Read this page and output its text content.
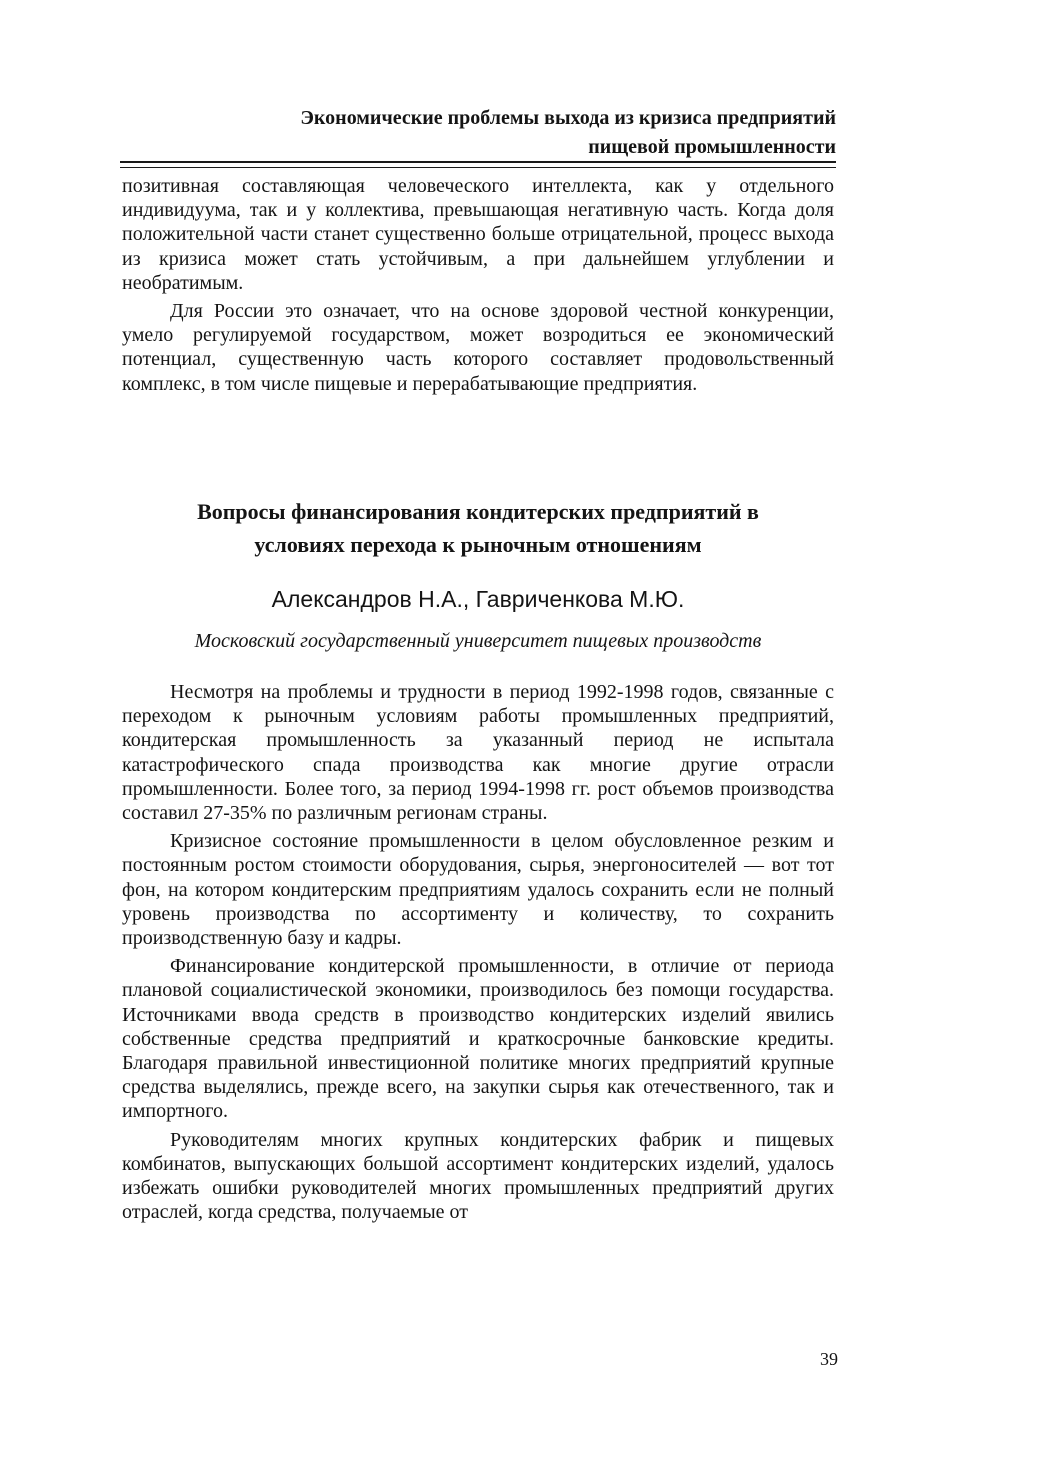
Экономические проблемы выхода из кризиса предприятий
пищевой промышленности

позитивная составляющая человеческого интеллекта, как у отдельного индивидуума, так и у коллектива, превышающая негативную часть. Когда доля положительной части станет существенно больше отрицательной, процесс выхода из кризиса может стать устойчивым, а при дальнейшем углублении и необратимым.

Для России это означает, что на основе здоровой честной конкуренции, умело регулируемой государством, может возродиться ее экономический потенциал, существенную часть которого составляет продовольственный комплекс, в том числе пищевые и перерабатывающие предприятия.

Вопросы финансирования кондитерских предприятий в
условиях перехода к рыночным отношениям
Александров Н.А., Гавриченкова М.Ю.
Московский государственный университет пищевых производств

Несмотря на проблемы и трудности в период 1992-1998 годов, связанные с переходом к рыночным условиям работы промышленных предприятий, кондитерская промышленность за указанный период не испытала катастрофического спада производства как многие другие отрасли промышленности. Более того, за период 1994-1998 гг. рост объемов производства составил 27-35% по различным регионам страны.

Кризисное состояние промышленности в целом обусловленное резким и постоянным ростом стоимости оборудования, сырья, энергоносителей — вот тот фон, на котором кондитерским предприятиям удалось сохранить если не полный уровень производства по ассортименту и количеству, то сохранить производственную базу и кадры.

Финансирование кондитерской промышленности, в отличие от периода плановой социалистической экономики, производилось без помощи государства. Источниками ввода средств в производство кондитерских изделий явились собственные средства предприятий и краткосрочные банковские кредиты. Благодаря правильной инвестиционной политике многих предприятий крупные средства выделялись, прежде всего, на закупки сырья как отечественного, так и импортного.

Руководителям многих крупных кондитерских фабрик и пищевых комбинатов, выпускающих большой ассортимент кондитерских изделий, удалось избежать ошибки руководителей многих промышленных предприятий других отраслей, когда средства, получаемые от

39
